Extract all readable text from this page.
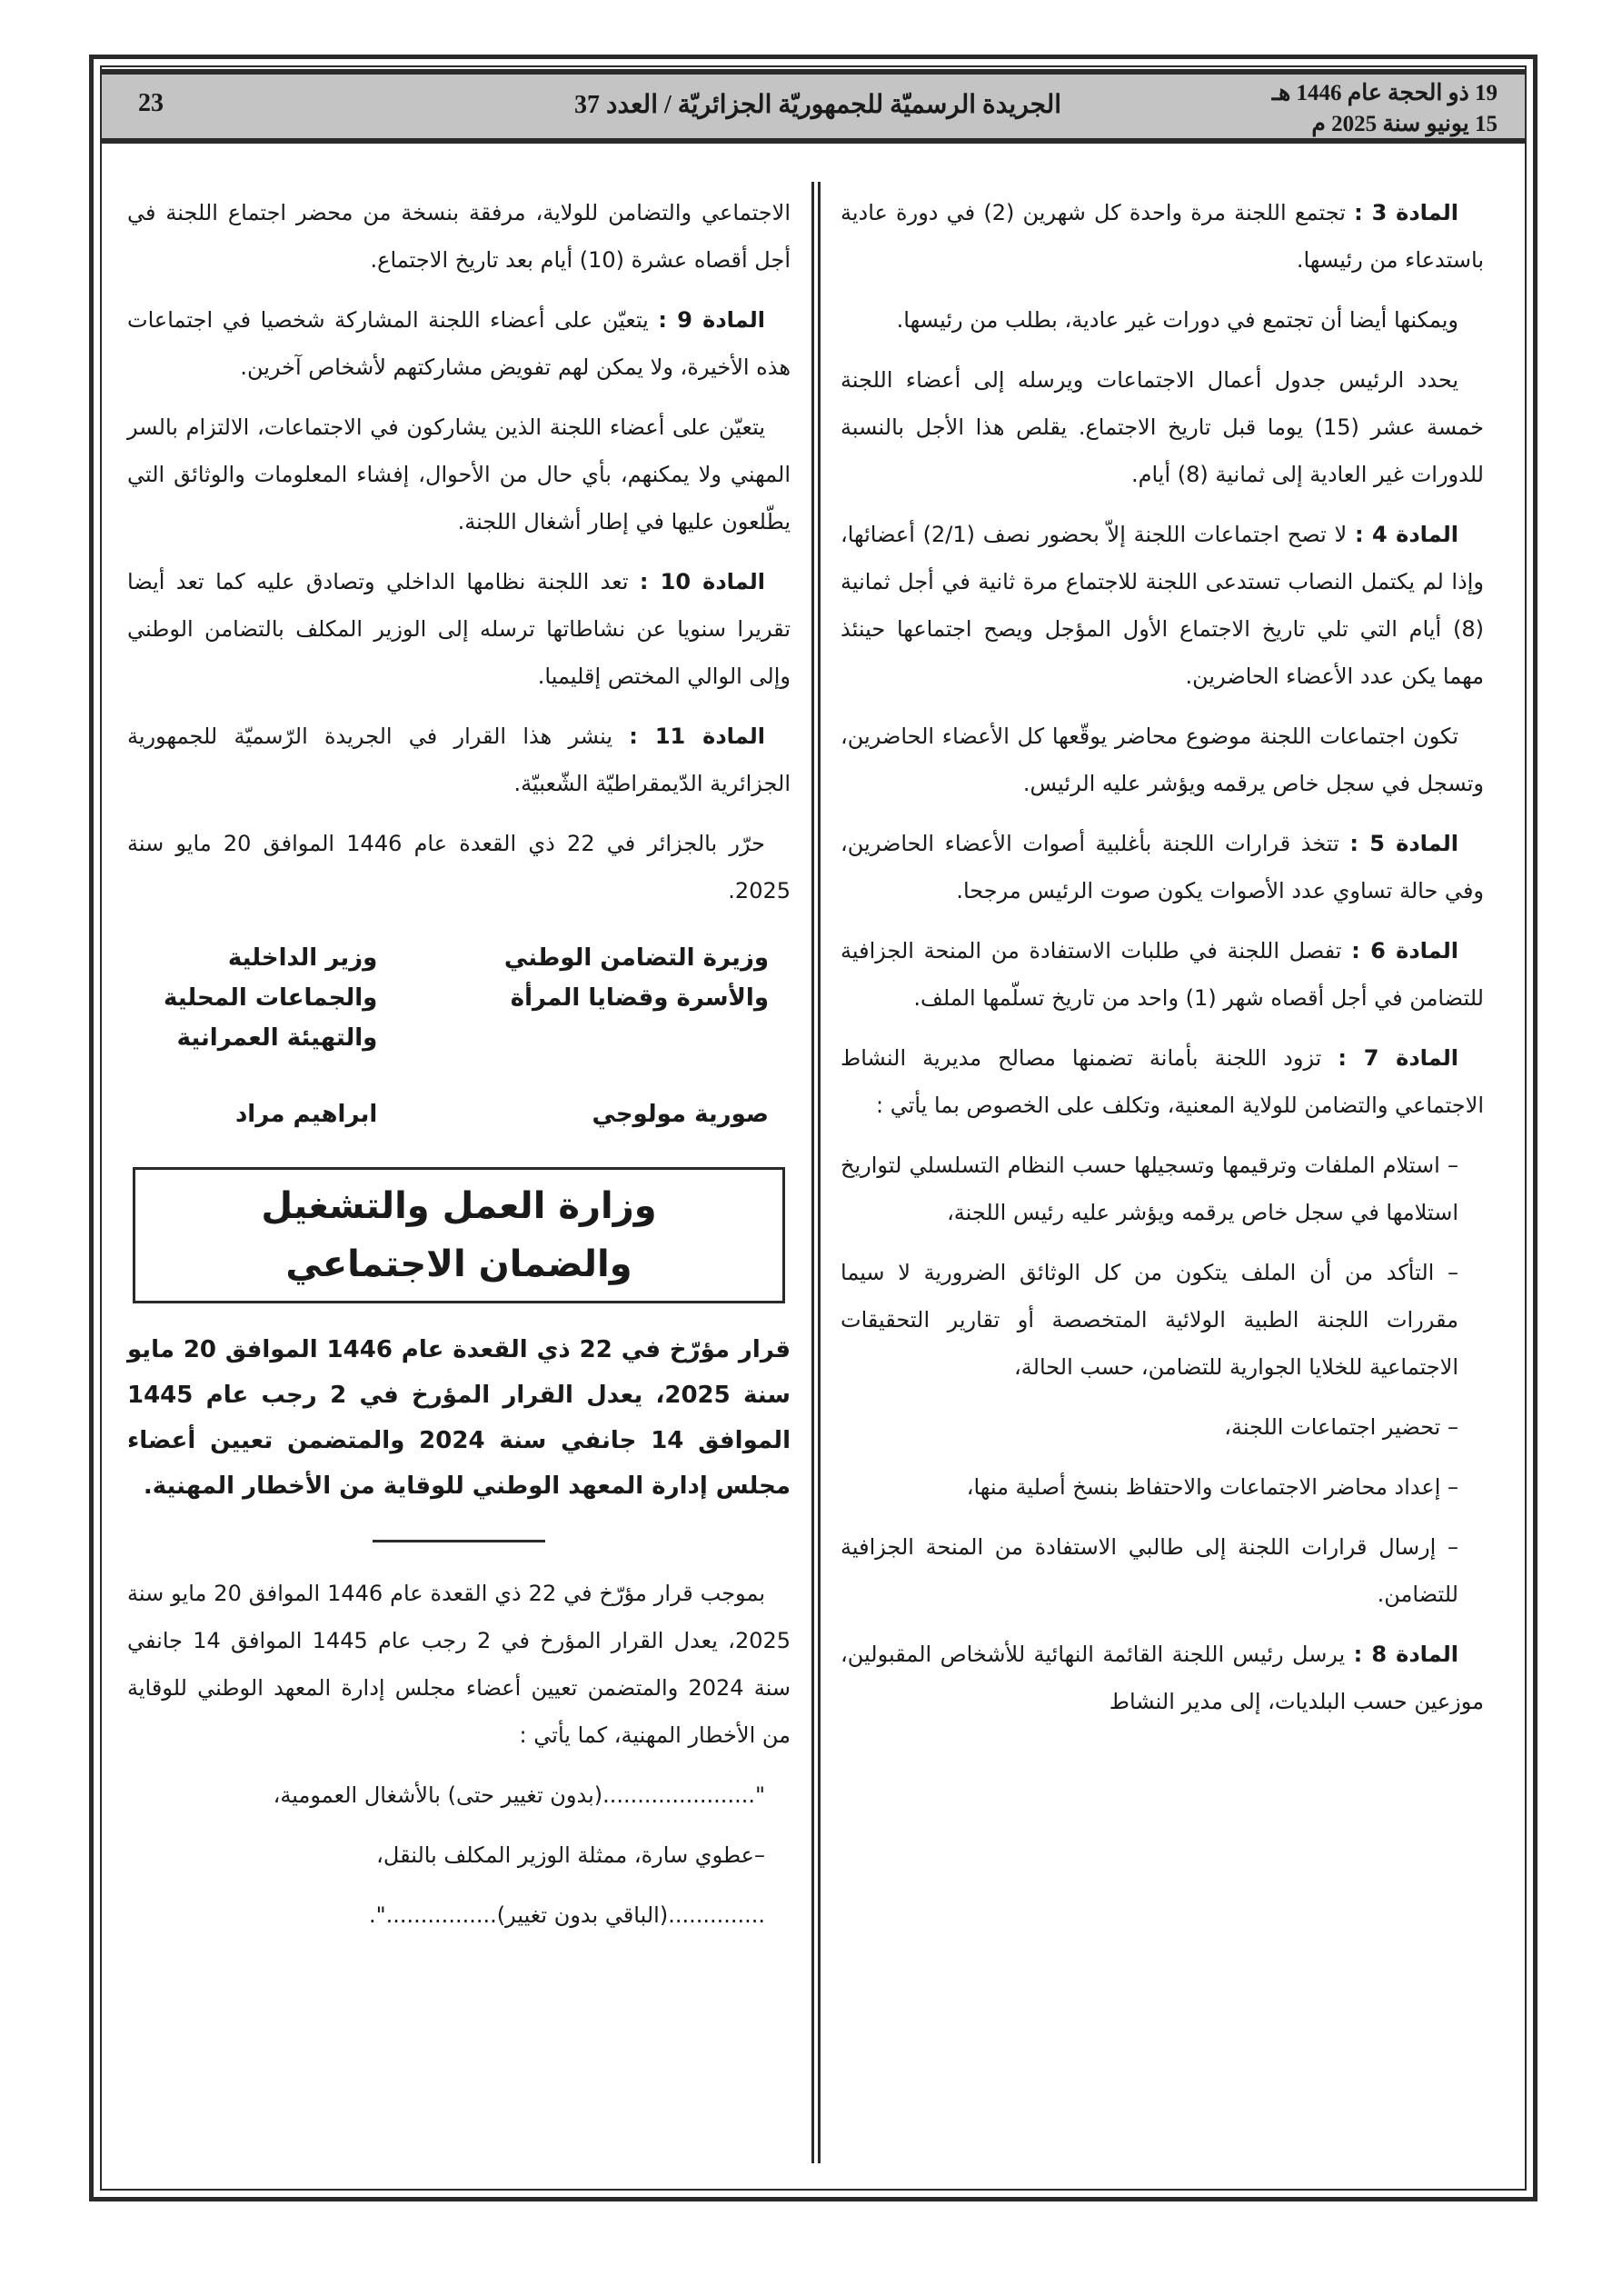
19 ذو الحجة عام 1446 هـ
15 يونيو سنة 2025 م
الجريدة الرسميّة للجمهوريّة الجزائريّة / العدد 37
23

المادة 3 : تجتمع اللجنة مرة واحدة كل شهرين (2) في دورة عادية باستدعاء من رئيسها.

ويمكنها أيضا أن تجتمع في دورات غير عادية، بطلب من رئيسها.

يحدد الرئيس جدول أعمال الاجتماعات ويرسله إلى أعضاء اللجنة خمسة عشر (15) يوما قبل تاريخ الاجتماع. يقلص هذا الأجل بالنسبة للدورات غير العادية إلى ثمانية (8) أيام.

المادة 4 : لا تصح اجتماعات اللجنة إلاّ بحضور نصف (2/1) أعضائها، وإذا لم يكتمل النصاب تستدعى اللجنة للاجتماع مرة ثانية في أجل ثمانية (8) أيام التي تلي تاريخ الاجتماع الأول المؤجل ويصح اجتماعها حينئذ مهما يكن عدد الأعضاء الحاضرين.

تكون اجتماعات اللجنة موضوع محاضر يوقّعها كل الأعضاء الحاضرين، وتسجل في سجل خاص يرقمه ويؤشر عليه الرئيس.

المادة 5 : تتخذ قرارات اللجنة بأغلبية أصوات الأعضاء الحاضرين، وفي حالة تساوي عدد الأصوات يكون صوت الرئيس مرجحا.

المادة 6 : تفصل اللجنة في طلبات الاستفادة من المنحة الجزافية للتضامن في أجل أقصاه شهر (1) واحد من تاريخ تسلّمها الملف.

المادة 7 : تزود اللجنة بأمانة تضمنها مصالح مديرية النشاط الاجتماعي والتضامن للولاية المعنية، وتكلف على الخصوص بما يأتي :

– استلام الملفات وترقيمها وتسجيلها حسب النظام التسلسلي لتواريخ استلامها في سجل خاص يرقمه ويؤشر عليه رئيس اللجنة،

– التأكد من أن الملف يتكون من كل الوثائق الضرورية لا سيما مقررات اللجنة الطبية الولائية المتخصصة أو تقارير التحقيقات الاجتماعية للخلايا الجوارية للتضامن، حسب الحالة،

– تحضير اجتماعات اللجنة،

– إعداد محاضر الاجتماعات والاحتفاظ بنسخ أصلية منها،

– إرسال قرارات اللجنة إلى طالبي الاستفادة من المنحة الجزافية للتضامن.

المادة 8 : يرسل رئيس اللجنة القائمة النهائية للأشخاص المقبولين، موزعين حسب البلديات، إلى مدير النشاط

الاجتماعي والتضامن للولاية، مرفقة بنسخة من محضر اجتماع اللجنة في أجل أقصاه عشرة (10) أيام بعد تاريخ الاجتماع.

المادة 9 : يتعيّن على أعضاء اللجنة المشاركة شخصيا في اجتماعات هذه الأخيرة، ولا يمكن لهم تفويض مشاركتهم لأشخاص آخرين.

يتعيّن على أعضاء اللجنة الذين يشاركون في الاجتماعات، الالتزام بالسر المهني ولا يمكنهم، بأي حال من الأحوال، إفشاء المعلومات والوثائق التي يطّلعون عليها في إطار أشغال اللجنة.

المادة 10 : تعد اللجنة نظامها الداخلي وتصادق عليه كما تعد أيضا تقريرا سنويا عن نشاطاتها ترسله إلى الوزير المكلف بالتضامن الوطني وإلى الوالي المختص إقليميا.

المادة 11 : ينشر هذا القرار في الجريدة الرّسميّة للجمهورية الجزائرية الدّيمقراطيّة الشّعبيّة.

حرّر بالجزائر في 22 ذي القعدة عام 1446 الموافق 20 مايو سنة 2025.

وزيرة التضامن الوطني
والأسرة وقضايا المرأة
صورية مولوجي
وزير الداخلية
والجماعات المحلية
والتهيئة العمرانية
ابراهيم مراد
وزارة العمل والتشغيل
والضمان الاجتماعي
قرار مؤرّخ في 22 ذي القعدة عام 1446 الموافق 20 مايو سنة 2025، يعدل القرار المؤرخ في 2 رجب عام 1445 الموافق 14 جانفي سنة 2024 والمتضمن تعيين أعضاء مجلس إدارة المعهد الوطني للوقاية من الأخطار المهنية.

بموجب قرار مؤرّخ في 22 ذي القعدة عام 1446 الموافق 20 مايو سنة 2025، يعدل القرار المؤرخ في 2 رجب عام 1445 الموافق 14 جانفي سنة 2024 والمتضمن تعيين أعضاء مجلس إدارة المعهد الوطني للوقاية من الأخطار المهنية، كما يأتي :

"......................(بدون تغيير حتى) بالأشغال العمومية،

–عطوي سارة، ممثلة الوزير المكلف بالنقل،

..............(الباقي بدون تغيير)................".
